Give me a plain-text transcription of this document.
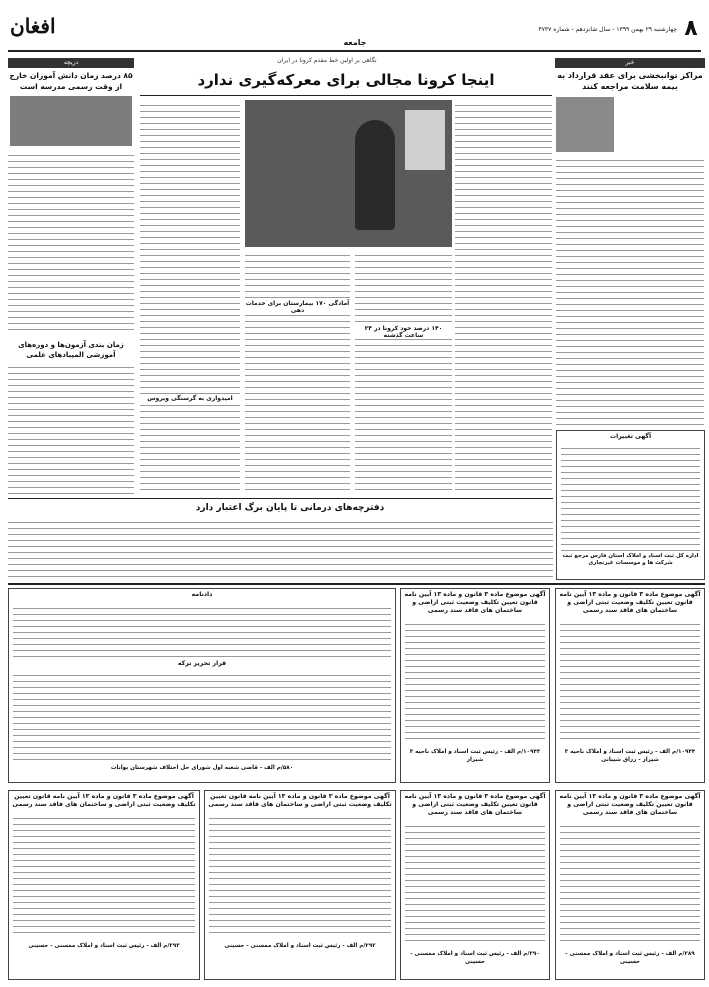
۸
چهارشنبه ۲۹ بهمن ۱۳۹۹ - سال شانزدهم - شماره ۴۷۳۷
جامعه
افغان
خبر
مراکز توانبخشی برای عقد قرارداد به بیمه سلامت مراجعه کنند
آگهی تغییرات
اداره کل ثبت اسناد و املاک استان فارس مرجع ثبت شرکت ها و موسسات غیرتجاری
نگاهی بر اولین خط مقدم کرونا در ایران
اینجا کرونا مجالی برای معرکه‌گیری ندارد
آمادگی ۱۷۰ بیمارستان برای خدمات دهی
۱۴۰ درصد خود کرونا در ۲۴ ساعت گذشته
امیدواری به گرسنگی ویروس
دریچه
۸۵ درصد زمان دانش آموزان خارج از وقت رسمی مدرسه است
زمان بندی آزمون‌ها و دوره‌های آموزشی المپیادهای علمی
دفترچه‌های درمانی تا پایان برگ اعتبار دارد
آگهی موضوع ماده ۳ قانون و ماده ۱۳ آیین نامه قانون تعیین تکلیف وضعیت ثبتی اراضی و ساختمان های فاقد سند رسمی
۱۰۹۴۴/م الف - رئیس ثبت اسناد و املاک ناحیه ۳ شیراز - رزاق شیبانی
آگهی موضوع ماده ۳ قانون و ماده ۱۳ آیین نامه قانون تعیین تکلیف وضعیت ثبتی اراضی و ساختمان های فاقد سند رسمی
۱۰۹۴۳/م الف - رئیس ثبت اسناد و املاک ناحیه ۳ شیراز
دادنامه
قرار تحریر ترکه
۵۸۰/م الف - قاضی شعبه اول شورای حل اختلاف شهرستان بوانات
آگهی موضوع ماده ۳ قانون و ماده ۱۳ آیین نامه قانون تعیین تکلیف وضعیت ثبتی اراضی و ساختمان های فاقد سند رسمی
۲۸۹/م الف - رئیس ثبت اسناد و املاک ممسنی - حسینی
آگهی موضوع ماده ۳ قانون و ماده ۱۳ آیین نامه قانون تعیین تکلیف وضعیت ثبتی اراضی و ساختمان های فاقد سند رسمی
۲۹۰/م الف - رئیس ثبت اسناد و املاک ممسنی - حسینی
آگهی موضوع ماده ۳ قانون و ماده ۱۳ آیین نامه قانون تعیین تکلیف وضعیت ثبتی اراضی و ساختمان های فاقد سند رسمی
۲۹۲/م الف - رئیس ثبت اسناد و املاک ممسنی - حسینی
آگهی موضوع ماده ۳ قانون و ماده ۱۳ آیین نامه قانون تعیین تکلیف وضعیت ثبتی اراضی و ساختمان های فاقد سند رسمی
۲۹۳/م الف - رئیس ثبت اسناد و املاک ممسنی - حسینی
